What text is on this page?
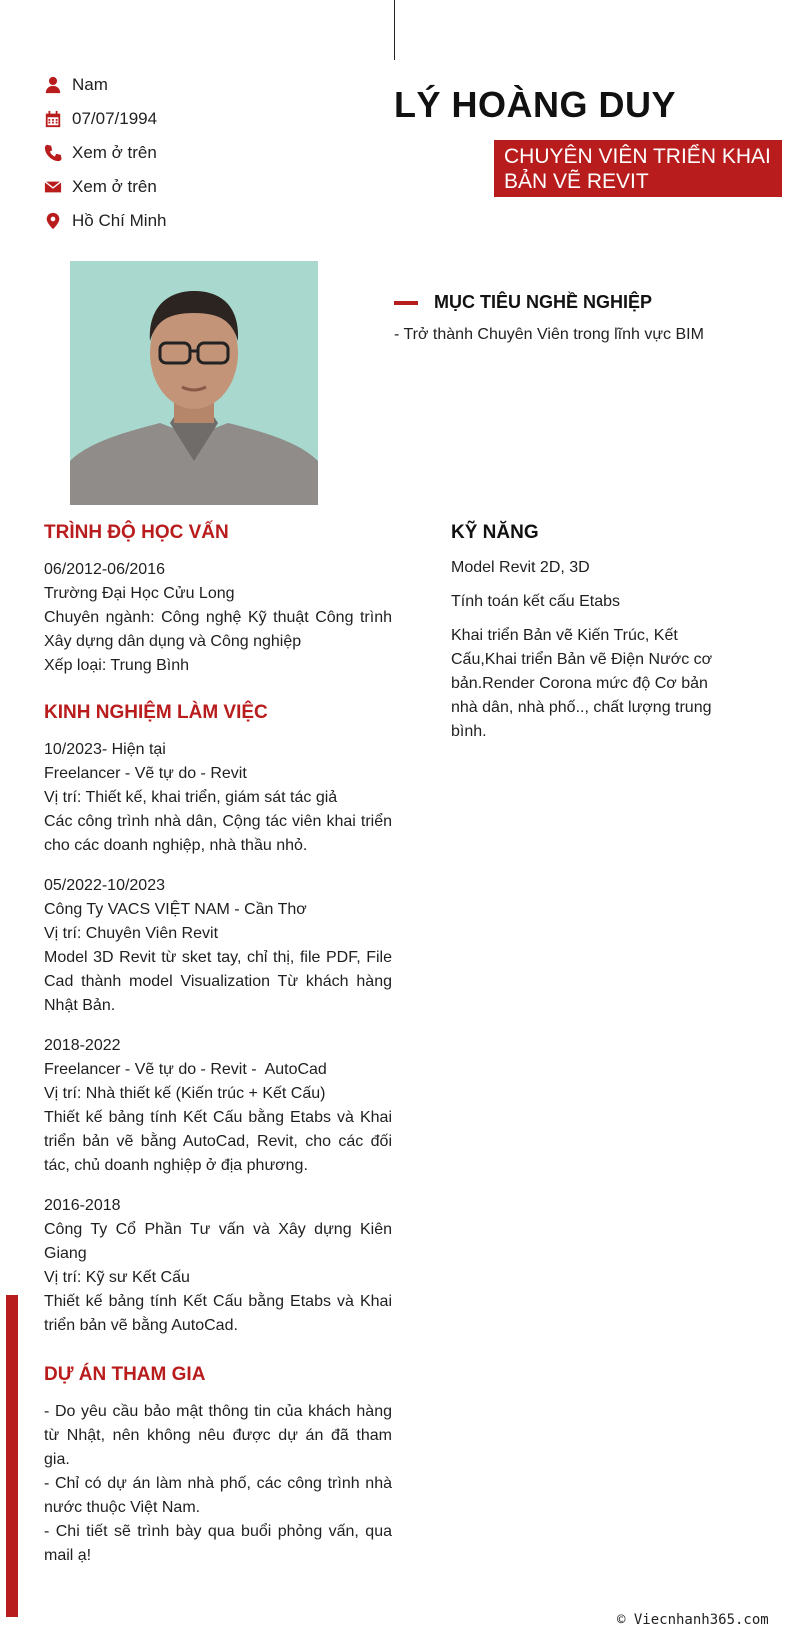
Nam
07/07/1994
Xem ở trên
Xem ở trên
Hồ Chí Minh
LÝ HOÀNG DUY
CHUYÊN VIÊN TRIỂN KHAI
BẢN VẼ REVIT
MỤC TIÊU NGHỀ NGHIỆP
- Trở thành Chuyên Viên trong lĩnh vực BIM
TRÌNH ĐỘ HỌC VẤN
06/2012-06/2016
Trường Đại Học Cửu Long
Chuyên ngành: Công nghệ Kỹ thuật Công trình Xây dựng dân dụng và Công nghiệp
Xếp loại: Trung Bình
KINH NGHIỆM LÀM VIỆC
10/2023- Hiện tại
Freelancer - Vẽ tự do - Revit
Vị trí: Thiết kế, khai triển, giám sát tác giả
Các công trình nhà dân, Cộng tác viên khai triển cho các doanh nghiệp, nhà thầu nhỏ.
05/2022-10/2023
Công Ty VACS VIỆT NAM - Cần Thơ
Vị trí: Chuyên Viên Revit
Model 3D Revit từ sket tay, chỉ thị, file PDF, File Cad thành model Visualization Từ khách hàng Nhật Bản.
2018-2022
Freelancer - Vẽ tự do - Revit -  AutoCad
Vị trí: Nhà thiết kế (Kiến trúc + Kết Cấu)
Thiết kế bảng tính Kết Cấu bằng Etabs và Khai triển bản vẽ bằng AutoCad, Revit, cho các đối tác, chủ doanh nghiệp ở địa phương.
2016-2018
Công Ty Cổ Phần Tư vấn và Xây dựng Kiên Giang
Vị trí: Kỹ sư Kết Cấu
Thiết kế bảng tính Kết Cấu bằng Etabs và Khai triển bản vẽ bằng AutoCad.
DỰ ÁN THAM GIA
- Do yêu cầu bảo mật thông tin của khách hàng từ Nhật, nên không nêu được dự án đã tham gia.
- Chỉ có dự án làm nhà phố, các công trình nhà nước thuộc Việt Nam.
- Chi tiết sẽ trình bày qua buổi phỏng vấn, qua mail ạ!
KỸ NĂNG
Model Revit 2D, 3D
Tính toán kết cấu Etabs
Khai triển Bản vẽ Kiến Trúc, Kết Cấu,Khai triển Bản vẽ Điện Nước cơ bản.Render Corona mức độ Cơ bản nhà dân, nhà phố.., chất lượng trung bình.
© Viecnhanh365.com
